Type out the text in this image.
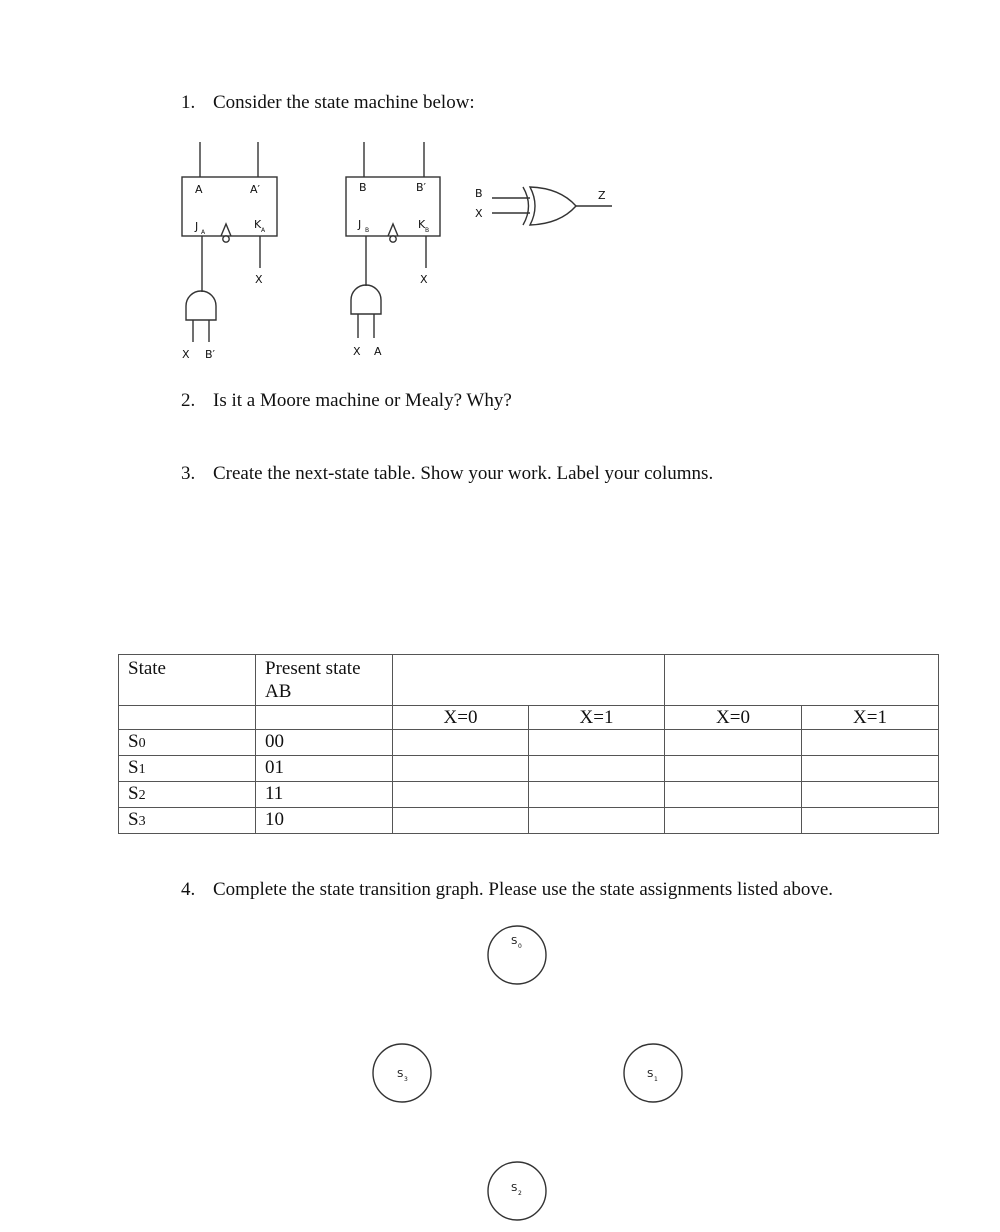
1. Consider the state machine below:
A	A′
J A
K A
X
X B′
B	B′
J B	K B
X
X A
B
X
Z
2. Is it a Moore machine or Mealy? Why?
3. Create the next-state table. Show your work. Label your columns.
State	Present state
AB				
		X=0	X=1	X=0	X=1
S0	00				
S1	01				
S2	11				
S3	10				
4. Complete the state transition graph. Please use the state assignments listed above.
S 0
S 1
S 2
S 3
